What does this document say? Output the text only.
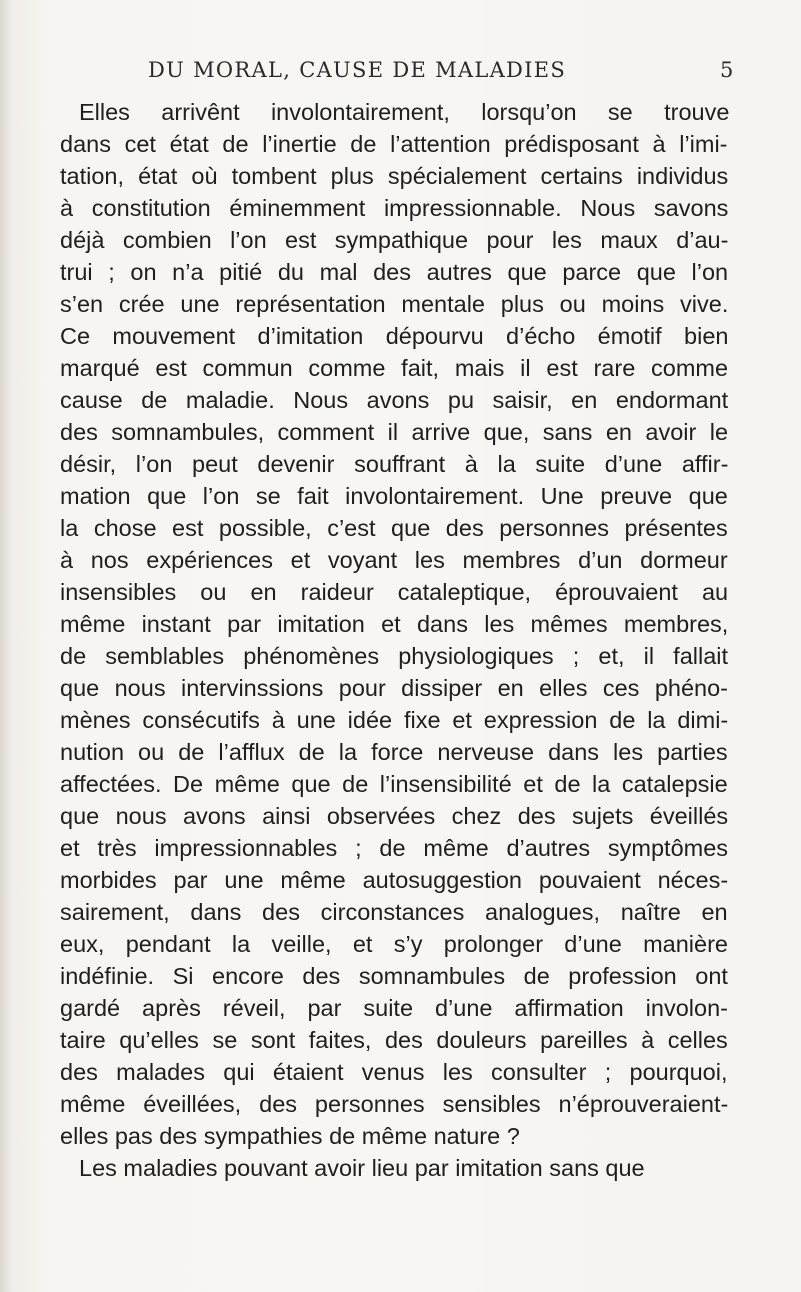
DU MORAL, CAUSE DE MALADIES	5
Elles arrivênt involontairement, lorsqu’on se trouve
dans cet état de l’inertie de l’attention prédisposant à l’imi-
tation, état où tombent plus spécialement certains individus
à constitution éminemment impressionnable. Nous savons
déjà combien l’on est sympathique pour les maux d’au-
trui ; on n’a pitié du mal des autres que parce que l’on
s’en crée une représentation mentale plus ou moins vive.
Ce mouvement d’imitation dépourvu d’écho émotif bien
marqué est commun comme fait, mais il est rare comme
cause de maladie. Nous avons pu saisir, en endormant
des somnambules, comment il arrive que, sans en avoir le
désir, l’on peut devenir souffrant à la suite d’une affir-
mation que l’on se fait involontairement. Une preuve que
la chose est possible, c’est que des personnes présentes
à nos expériences et voyant les membres d’un dormeur
insensibles ou en raideur cataleptique, éprouvaient au
même instant par imitation et dans les mêmes membres,
de semblables phénomènes physiologiques ; et, il fallait
que nous intervinssions pour dissiper en elles ces phéno-
mènes consécutifs à une idée fixe et expression de la dimi-
nution ou de l’afflux de la force nerveuse dans les parties
affectées. De même que de l’insensibilité et de la catalepsie
que nous avons ainsi observées chez des sujets éveillés
et très impressionnables ; de même d’autres symptômes
morbides par une même autosuggestion pouvaient néces-
sairement, dans des circonstances analogues, naître en
eux, pendant la veille, et s’y prolonger d’une manière
indéfinie. Si encore des somnambules de profession ont
gardé après réveil, par suite d’une affirmation involon-
taire qu’elles se sont faites, des douleurs pareilles à celles
des malades qui étaient venus les consulter ; pourquoi,
même éveillées, des personnes sensibles n’éprouveraient-
elles pas des sympathies de même nature ?
Les maladies pouvant avoir lieu par imitation sans que
